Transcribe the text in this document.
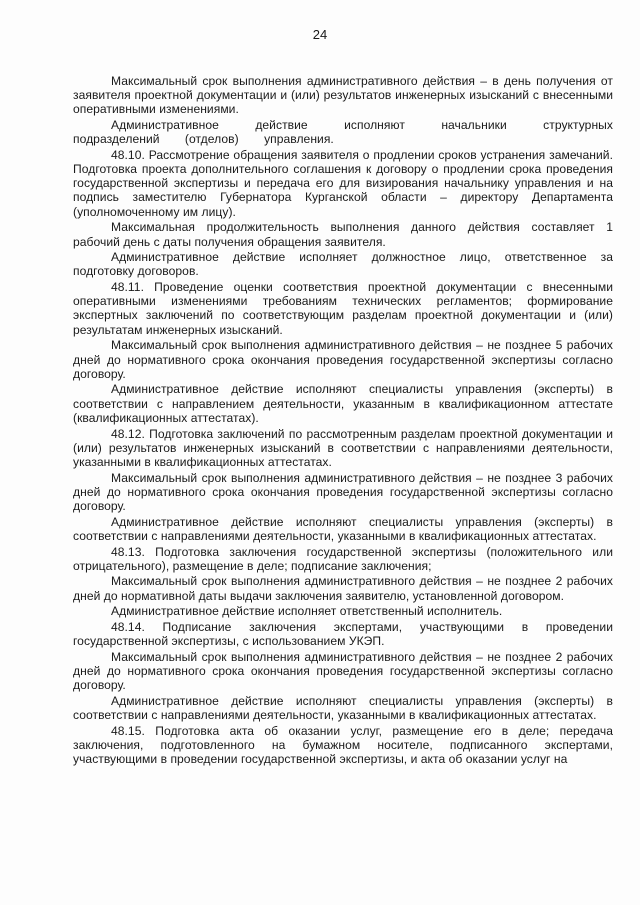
24

Максимальный срок выполнения административного действия – в день получения от заявителя проектной документации и (или) результатов инженерных изысканий с внесенными оперативными изменениями.

Административное действие исполняют начальники структурных подразделений (отделов) управления.

48.10. Рассмотрение обращения заявителя о продлении сроков устранения замечаний. Подготовка проекта дополнительного соглашения к договору о продлении срока проведения государственной экспертизы и передача его для визирования начальнику управления и на подпись заместителю Губернатора Курганской области – директору Департамента (уполномоченному им лицу).

Максимальная продолжительность выполнения данного действия составляет 1 рабочий день с даты получения обращения заявителя.

Административное действие исполняет должностное лицо, ответственное за подготовку договоров.

48.11. Проведение оценки соответствия проектной документации с внесенными оперативными изменениями требованиям технических регламентов; формирование экспертных заключений по соответствующим разделам проектной документации и (или) результатам инженерных изысканий.

Максимальный срок выполнения административного действия – не позднее 5 рабочих дней до нормативного срока окончания проведения государственной экспертизы согласно договору.

Административное действие исполняют специалисты управления (эксперты) в соответствии с направлением деятельности, указанным в квалификационном аттестате (квалификационных аттестатах).

48.12. Подготовка заключений по рассмотренным разделам проектной документации и (или) результатов инженерных изысканий в соответствии с направлениями деятельности, указанными в квалификационных аттестатах.

Максимальный срок выполнения административного действия – не позднее 3 рабочих дней до нормативного срока окончания проведения государственной экспертизы согласно договору.

Административное действие исполняют специалисты управления (эксперты) в соответствии с направлениями деятельности, указанными в квалификационных аттестатах.

48.13. Подготовка заключения государственной экспертизы (положительного или отрицательного), размещение в деле; подписание заключения;

Максимальный срок выполнения административного действия – не позднее 2 рабочих дней до нормативной даты выдачи заключения заявителю, установленной договором.

Административное действие исполняет ответственный исполнитель.

48.14. Подписание заключения экспертами, участвующими в проведении государственной экспертизы, с использованием УКЭП.

Максимальный срок выполнения административного действия – не позднее 2 рабочих дней до нормативного срока окончания проведения государственной экспертизы согласно договору.

Административное действие исполняют специалисты управления (эксперты) в соответствии с направлениями деятельности, указанными в квалификационных аттестатах.

48.15. Подготовка акта об оказании услуг, размещение его в деле; передача заключения, подготовленного на бумажном носителе, подписанного экспертами, участвующими в проведении государственной экспертизы, и акта об оказании услуг на
